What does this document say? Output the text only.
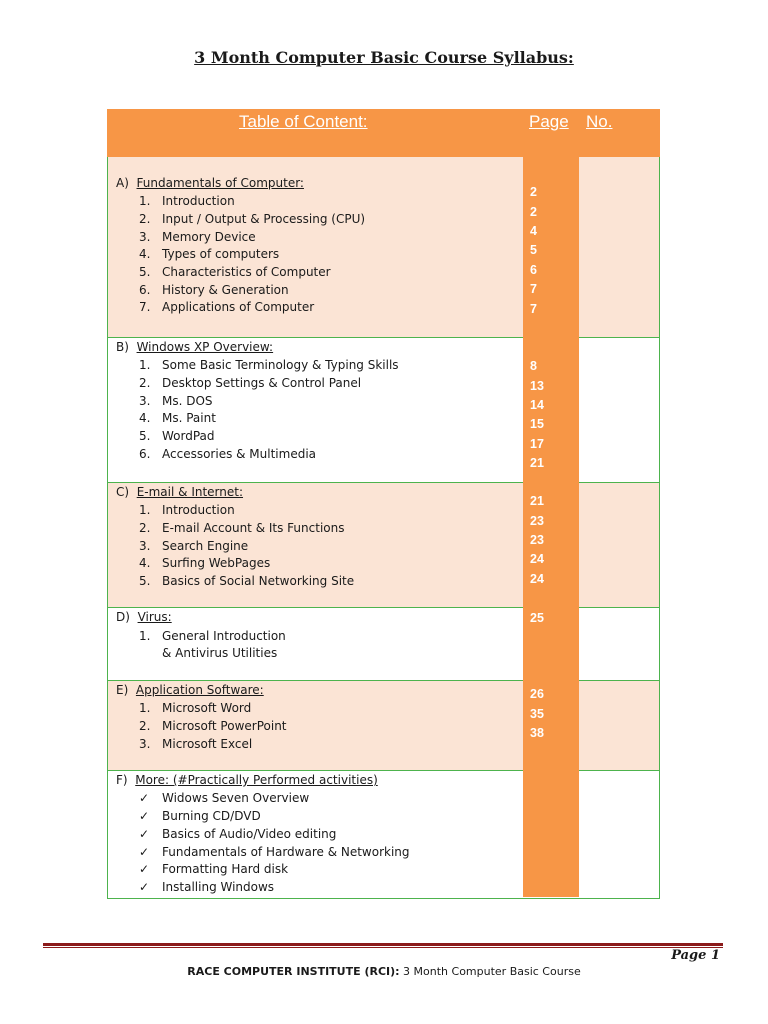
3 Month Computer Basic Course Syllabus:
Table of Content:	Page No.
A) Fundamentals of Computer:
1. Introduction
2. Input / Output & Processing (CPU)
3. Memory Device
4. Types of computers
5. Characteristics of Computer
6. History & Generation
7. Applications of Computer
B) Windows XP Overview:
1. Some Basic Terminology & Typing Skills
2. Desktop Settings & Control Panel
3. Ms. DOS
4. Ms. Paint
5. WordPad
6. Accessories & Multimedia
C) E-mail & Internet:
1. Introduction
2. E-mail Account & Its Functions
3. Search Engine
4. Surfing WebPages
5. Basics of Social Networking Site
D) Virus:
1. General Introduction
& Antivirus Utilities
E) Application Software:
1. Microsoft Word
2. Microsoft PowerPoint
3. Microsoft Excel
F) More: (#Practically Performed activities)
✓ Widows Seven Overview
✓ Burning CD/DVD
✓ Basics of Audio/Video editing
✓ Fundamentals of Hardware & Networking
✓ Formatting Hard disk
✓ Installing Windows
2
2
4
5
6
7
7
8
13
14
15
17
21
21
23
23
24
24
25
26
35
38
Page 1
RACE COMPUTER INSTITUTE (RCI): 3 Month Computer Basic Course
